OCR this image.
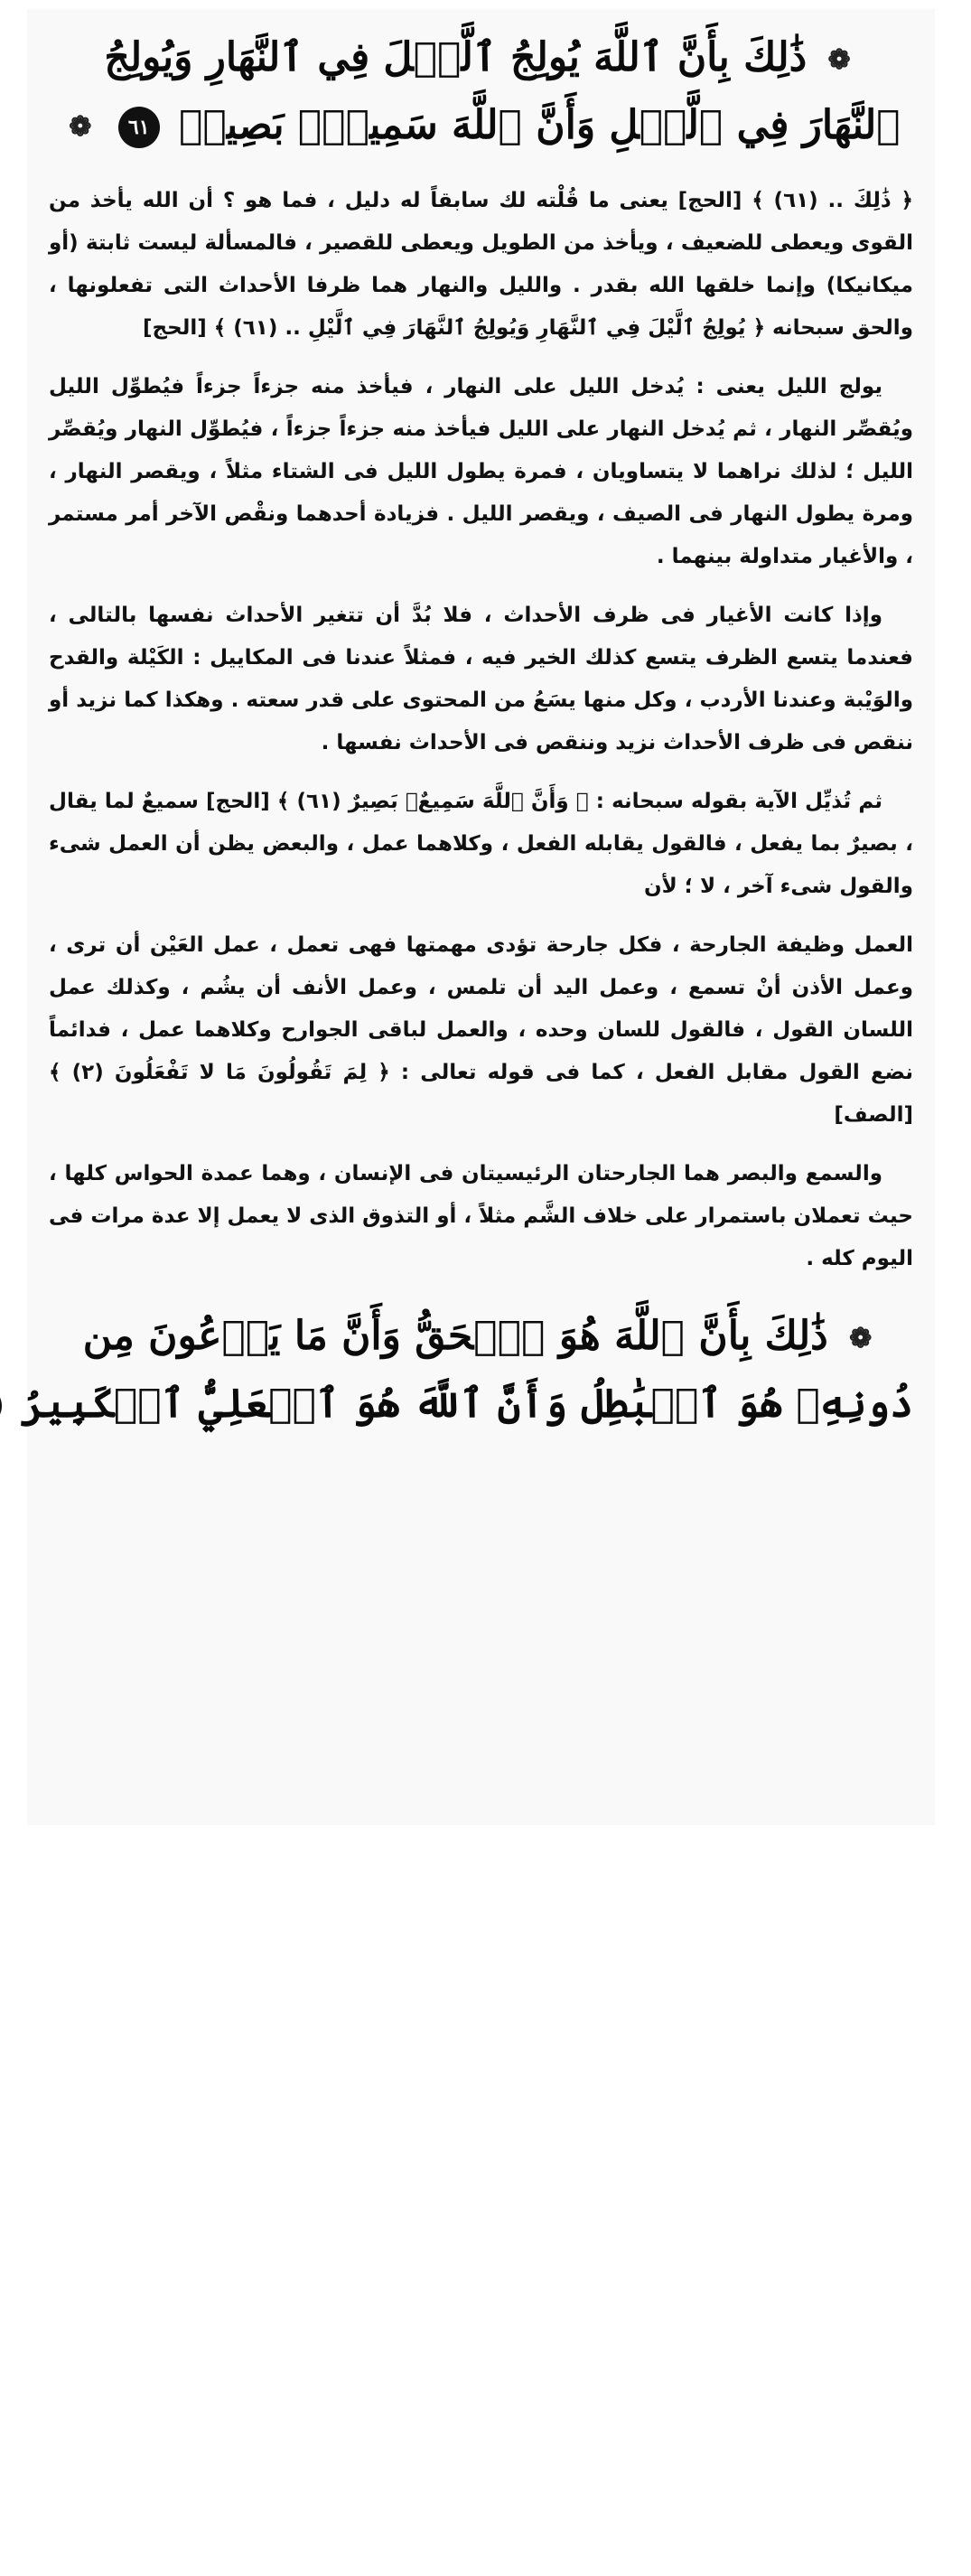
❁ ذَٰلِكَ بِأَنَّ ٱللَّهَ يُولِجُ ٱلَّيۡلَ فِي ٱلنَّهَارِ وَيُولِجُ
ٱلنَّهَارَ فِي ٱلَّيۡلِ وَأَنَّ ٱللَّهَ سَمِيعُۢ بَصِيرٞ ٦١ ❁

﴿ ذَٰلِكَ .. (٦١) ﴾ [الحج] يعنى ما قُلْته لك سابقاً له دليل ، فما هو ؟ أن الله يأخذ من القوى ويعطى للضعيف ، ويأخذ من الطويل ويعطى للقصير ، فالمسألة ليست ثابتة (أو ميكانيكا) وإنما خلقها الله بقدر . والليل والنهار هما ظرفا الأحداث التى تفعلونها ، والحق سبحانه ﴿ يُولِجُ ٱلَّيْلَ فِي ٱلنَّهَارِ وَيُولِجُ ٱلنَّهَارَ فِي ٱلَّيْلِ .. (٦١) ﴾ [الحج]

يولج الليل يعنى : يُدخل الليل على النهار ، فيأخذ منه جزءاً جزءاً فيُطوِّل الليل ويُقصِّر النهار ، ثم يُدخل النهار على الليل فيأخذ منه جزءاً جزءاً ، فيُطوِّل النهار ويُقصِّر الليل ؛ لذلك نراهما لا يتساويان ، فمرة يطول الليل فى الشتاء مثلاً ، ويقصر النهار ، ومرة يطول النهار فى الصيف ، ويقصر الليل . فزيادة أحدهما ونقْص الآخر أمر مستمر ، والأغيار متداولة بينهما .

وإذا كانت الأغيار فى ظرف الأحداث ، فلا بُدَّ أن تتغير الأحداث نفسها بالتالى ، فعندما يتسع الظرف يتسع كذلك الخير فيه ، فمثلاً عندنا فى المكاييل : الكَيْلة والقدح والوَيْبة وعندنا الأردب ، وكل منها يسَعُ من المحتوى على قدر سعته . وهكذا كما نزيد أو ننقص فى ظرف الأحداث نزيد وننقص فى الأحداث نفسها .

ثم تُذيِّل الآية بقوله سبحانه : ﴿ وَأَنَّ ٱللَّهَ سَمِيعٌۢ بَصِيرٌ (٦١) ﴾ [الحج] سميعٌ لما يقال ، بصيرٌ بما يفعل ، فالقول يقابله الفعل ، وكلاهما عمل ، والبعض يظن أن العمل شىء والقول شىء آخر ، لا ؛ لأن

العمل وظيفة الجارحة ، فكل جارحة تؤدى مهمتها فهى تعمل ، عمل العَيْن أن ترى ، وعمل الأذن أنْ تسمع ، وعمل اليد أن تلمس ، وعمل الأنف أن يشُم ، وكذلك عمل اللسان القول ، فالقول للسان وحده ، والعمل لباقى الجوارح وكلاهما عمل ، فدائماً نضع القول مقابل الفعل ، كما فى قوله تعالى : ﴿ لِمَ تَقُولُونَ مَا لا تَفْعَلُونَ (٢) ﴾ [الصف]

والسمع والبصر هما الجارحتان الرئيسيتان فى الإنسان ، وهما عمدة الحواس كلها ، حيث تعملان باستمرار على خلاف الشَّم مثلاً ، أو التذوق الذى لا يعمل إلا عدة مرات فى اليوم كله .

❁ ذَٰلِكَ بِأَنَّ ٱللَّهَ هُوَ ٱلۡحَقُّ وَأَنَّ مَا يَدۡعُونَ مِن
دُونِهِۦ هُوَ ٱلۡبَٰطِلُ وَأَنَّ ٱللَّهَ هُوَ ٱلۡعَلِيُّ ٱلۡكَبِيرُ
